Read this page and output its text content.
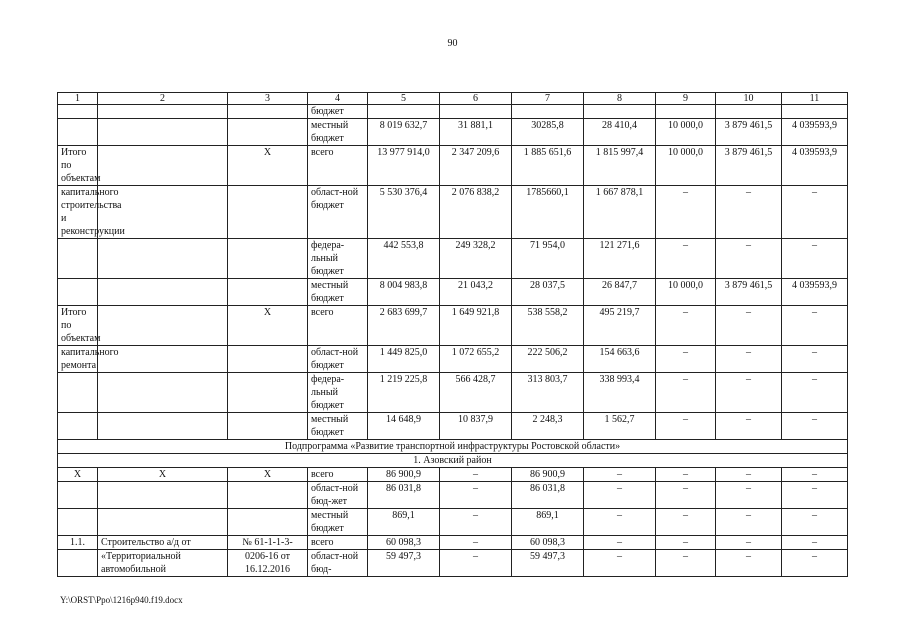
90
1	2	3	4	5	6	7	8	9	10	11
			бюджет							
			местный бюджет	8 019 632,7	31 881,1	30285,8	28 410,4	10 000,0	3 879 461,5	4 039593,9
Итого по объектам		Х	всего	13 977 914,0	2 347 209,6	1 885 651,6	1 815 997,4	10 000,0	3 879 461,5	4 039593,9
капитального строительства и реконструкции			област-ной бюджет	5 530 376,4	2 076 838,2	1785660,1	1 667 878,1	–	–	–
			федера-льный бюджет	442 553,8	249 328,2	71 954,0	121 271,6	–	–	–
			местный бюджет	8 004 983,8	21 043,2	28 037,5	26 847,7	10 000,0	3 879 461,5	4 039593,9
Итого по объектам		Х	всего	2 683 699,7	1 649 921,8	538 558,2	495 219,7	–	–	–
капитального ремонта			област-ной бюджет	1 449 825,0	1 072 655,2	222 506,2	154 663,6	–	–	–
			федера-льный бюджет	1 219 225,8	566 428,7	313 803,7	338 993,4	–	–	–
			местный бюджет	14 648,9	10 837,9	2 248,3	1 562,7	–	–	–
Подпрограмма «Развитие транспортной инфраструктуры Ростовской области»										
1. Азовский район										
Х	Х	Х	всего	86 900,9	–	86 900,9	–	–	–	–
			област-ной бюд-жет	86 031,8	–	86 031,8	–	–	–	–
			местный бюджет	869,1	–	869,1	–	–	–	–
1.1.	Строительство а/д от	№ 61-1-1-3-	всего	60 098,3	–	60 098,3	–	–	–	–
	«Территориальной автомобильной	0206-16 от 16.12.2016	област-ной бюд-	59 497,3	–	59 497,3	–	–	–	–
Y:\ORST\Ppo\1216p940.f19.docx
